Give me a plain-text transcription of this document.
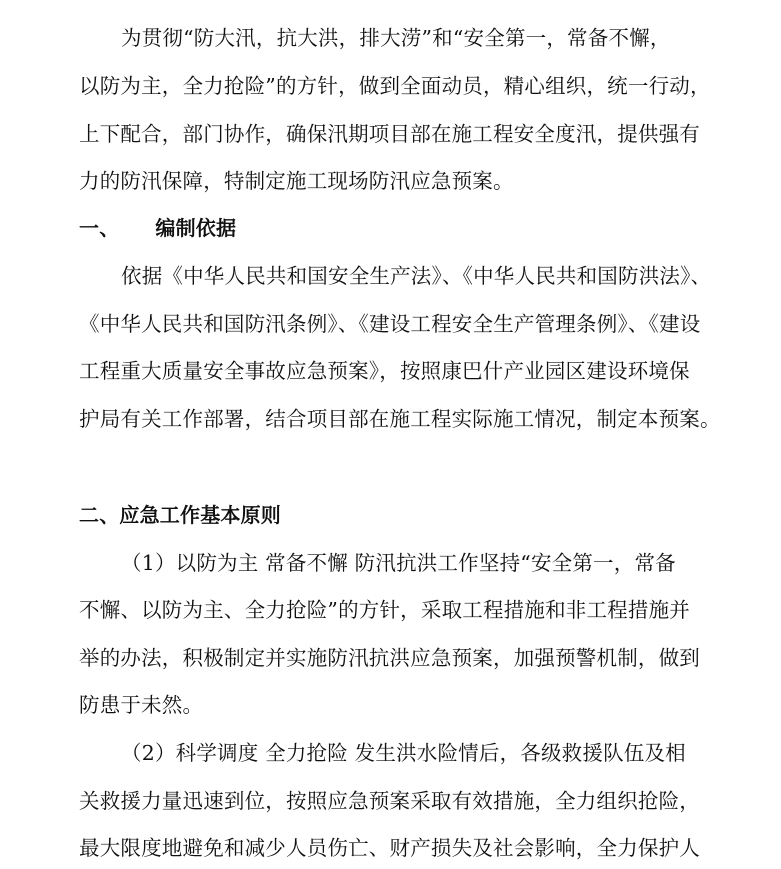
为贯彻“防大汛，抗大洪，排大涝”和“安全第一，常备不懈，
以防为主，全力抢险”的方针，做到全面动员，精心组织，统一行动，
上下配合，部门协作，确保汛期项目部在施工程安全度汛，提供强有
力的防汛保障，特制定施工现场防汛应急预案。
一、 编制依据
依据《中华人民共和国安全生产法》、《中华人民共和国防洪法》、
《中华人民共和国防汛条例》、《建设工程安全生产管理条例》、《建设
工程重大质量安全事故应急预案》，按照康巴什产业园区建设环境保
护局有关工作部署，结合项目部在施工程实际施工情况，制定本预案。
二、应急工作基本原则
（1）以防为主 常备不懈 防汛抗洪工作坚持“安全第一，常备
不懈、以防为主、全力抢险”的方针，采取工程措施和非工程措施并
举的办法，积极制定并实施防汛抗洪应急预案，加强预警机制，做到
防患于未然。
（2）科学调度 全力抢险 发生洪水险情后，各级救援队伍及相
关救援力量迅速到位，按照应急预案采取有效措施，全力组织抢险，
最大限度地避免和减少人员伤亡、财产损失及社会影响，全力保护人
